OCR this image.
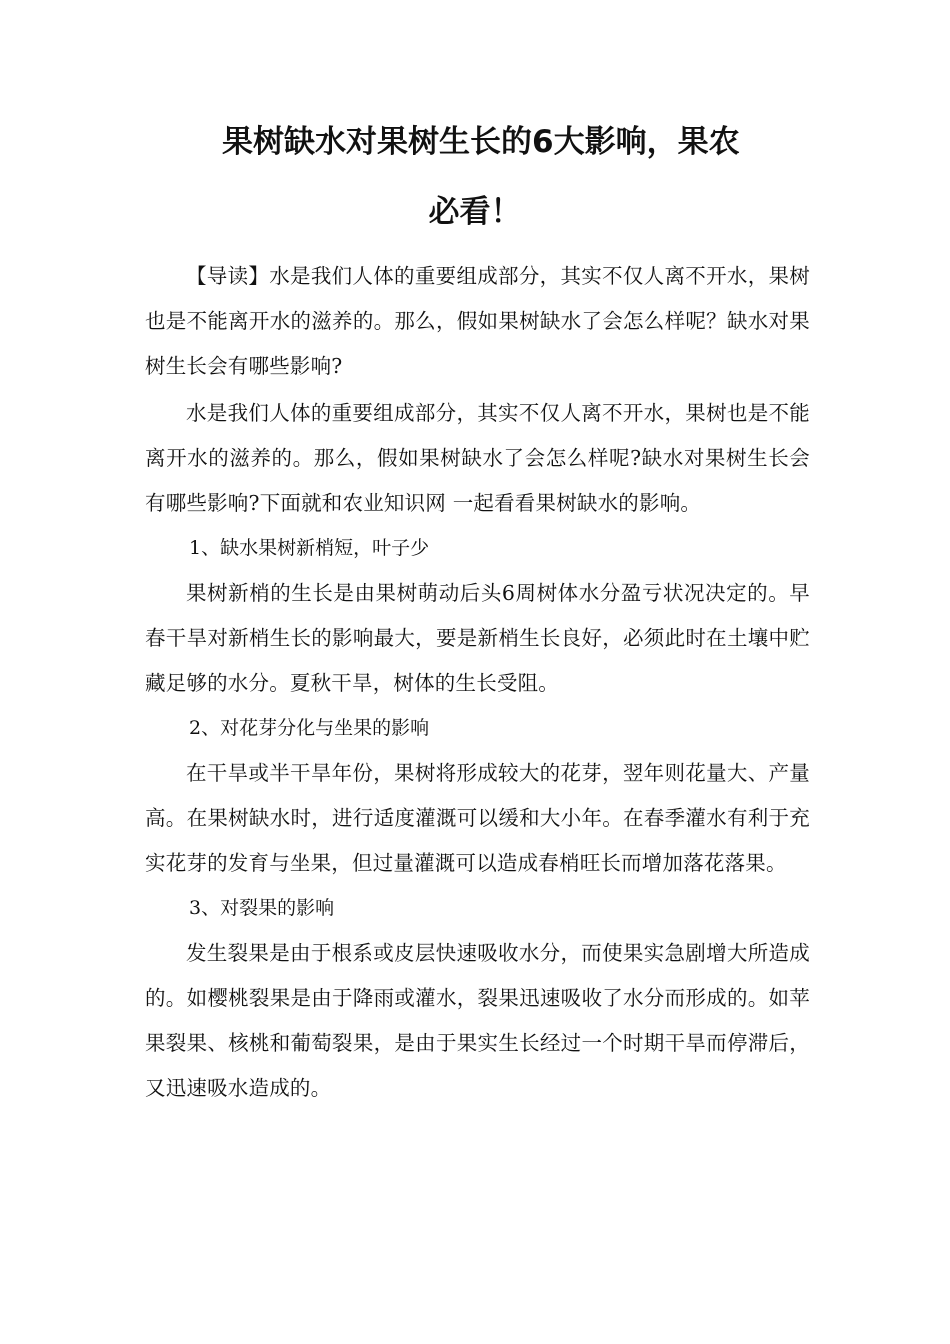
果树缺水对果树生长的6大影响，果农
必看！

【导读】水是我们人体的重要组成部分，其实不仅人离不开水，果树也是不能离开水的滋养的。那么，假如果树缺水了会怎么样呢？缺水对果树生长会有哪些影响?

水是我们人体的重要组成部分，其实不仅人离不开水，果树也是不能离开水的滋养的。那么，假如果树缺水了会怎么样呢?缺水对果树生长会有哪些影响?下面就和农业知识网 一起看看果树缺水的影响。

1、缺水果树新梢短，叶子少

果树新梢的生长是由果树萌动后头6周树体水分盈亏状况决定的。早春干旱对新梢生长的影响最大，要是新梢生长良好，必须此时在土壤中贮藏足够的水分。夏秋干旱，树体的生长受阻。

2、对花芽分化与坐果的影响

在干旱或半干旱年份，果树将形成较大的花芽，翌年则花量大、产量高。在果树缺水时，进行适度灌溉可以缓和大小年。在春季灌水有利于充实花芽的发育与坐果，但过量灌溉可以造成春梢旺长而增加落花落果。

3、对裂果的影响

发生裂果是由于根系或皮层快速吸收水分，而使果实急剧增大所造成的。如樱桃裂果是由于降雨或灌水，裂果迅速吸收了水分而形成的。如苹果裂果、核桃和葡萄裂果，是由于果实生长经过一个时期干旱而停滞后，又迅速吸水造成的。
